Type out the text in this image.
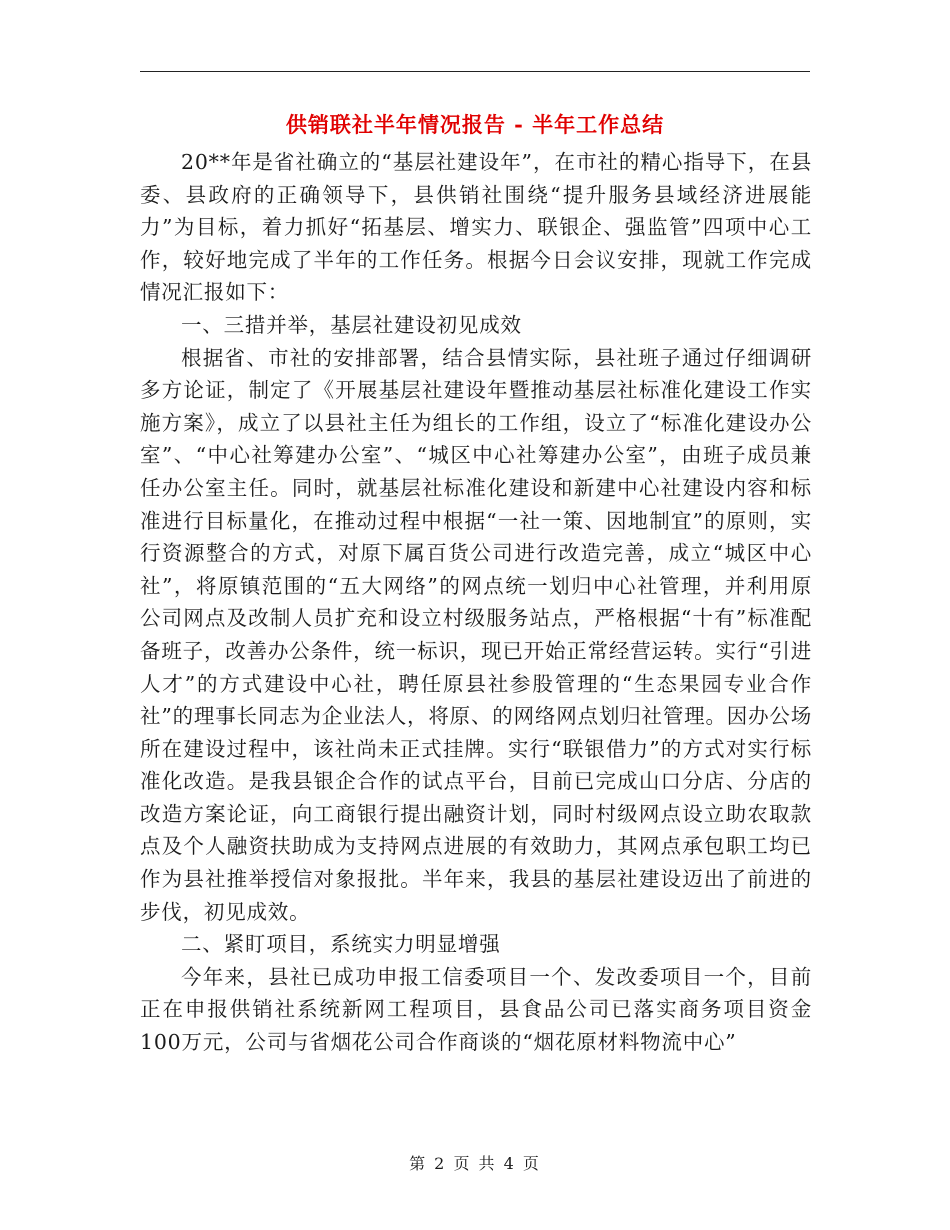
供销联社半年情况报告 - 半年工作总结

20**年是省社确立的“基层社建设年”，在市社的精心指导下，在县委、县政府的正确领导下，县供销社围绕“提升服务县域经济进展能力”为目标，着力抓好“拓基层、增实力、联银企、强监管”四项中心工作，较好地完成了半年的工作任务。根据今日会议安排，现就工作完成情况汇报如下：

一、三措并举，基层社建设初见成效

根据省、市社的安排部署，结合县情实际，县社班子通过仔细调研多方论证，制定了《开展基层社建设年暨推动基层社标准化建设工作实施方案》，成立了以县社主任为组长的工作组，设立了“标准化建设办公室”、“中心社筹建办公室”、“城区中心社筹建办公室”，由班子成员兼任办公室主任。同时，就基层社标准化建设和新建中心社建设内容和标准进行目标量化，在推动过程中根据“一社一策、因地制宜”的原则，实行资源整合的方式，对原下属百货公司进行改造完善，成立“城区中心社”，将原镇范围的“五大网络”的网点统一划归中心社管理，并利用原公司网点及改制人员扩充和设立村级服务站点，严格根据“十有”标准配备班子，改善办公条件，统一标识，现已开始正常经营运转。实行“引进人才”的方式建设中心社，聘任原县社参股管理的“生态果园专业合作社”的理事长同志为企业法人，将原、的网络网点划归社管理。因办公场所在建设过程中，该社尚未正式挂牌。实行“联银借力”的方式对实行标准化改造。是我县银企合作的试点平台，目前已完成山口分店、分店的改造方案论证，向工商银行提出融资计划，同时村级网点设立助农取款点及个人融资扶助成为支持网点进展的有效助力，其网点承包职工均已作为县社推举授信对象报批。半年来，我县的基层社建设迈出了前进的步伐，初见成效。

二、紧盯项目，系统实力明显增强

今年来，县社已成功申报工信委项目一个、发改委项目一个，目前正在申报供销社系统新网工程项目，县食品公司已落实商务项目资金100万元，公司与省烟花公司合作商谈的“烟花原材料物流中心”

第 2 页 共 4 页
